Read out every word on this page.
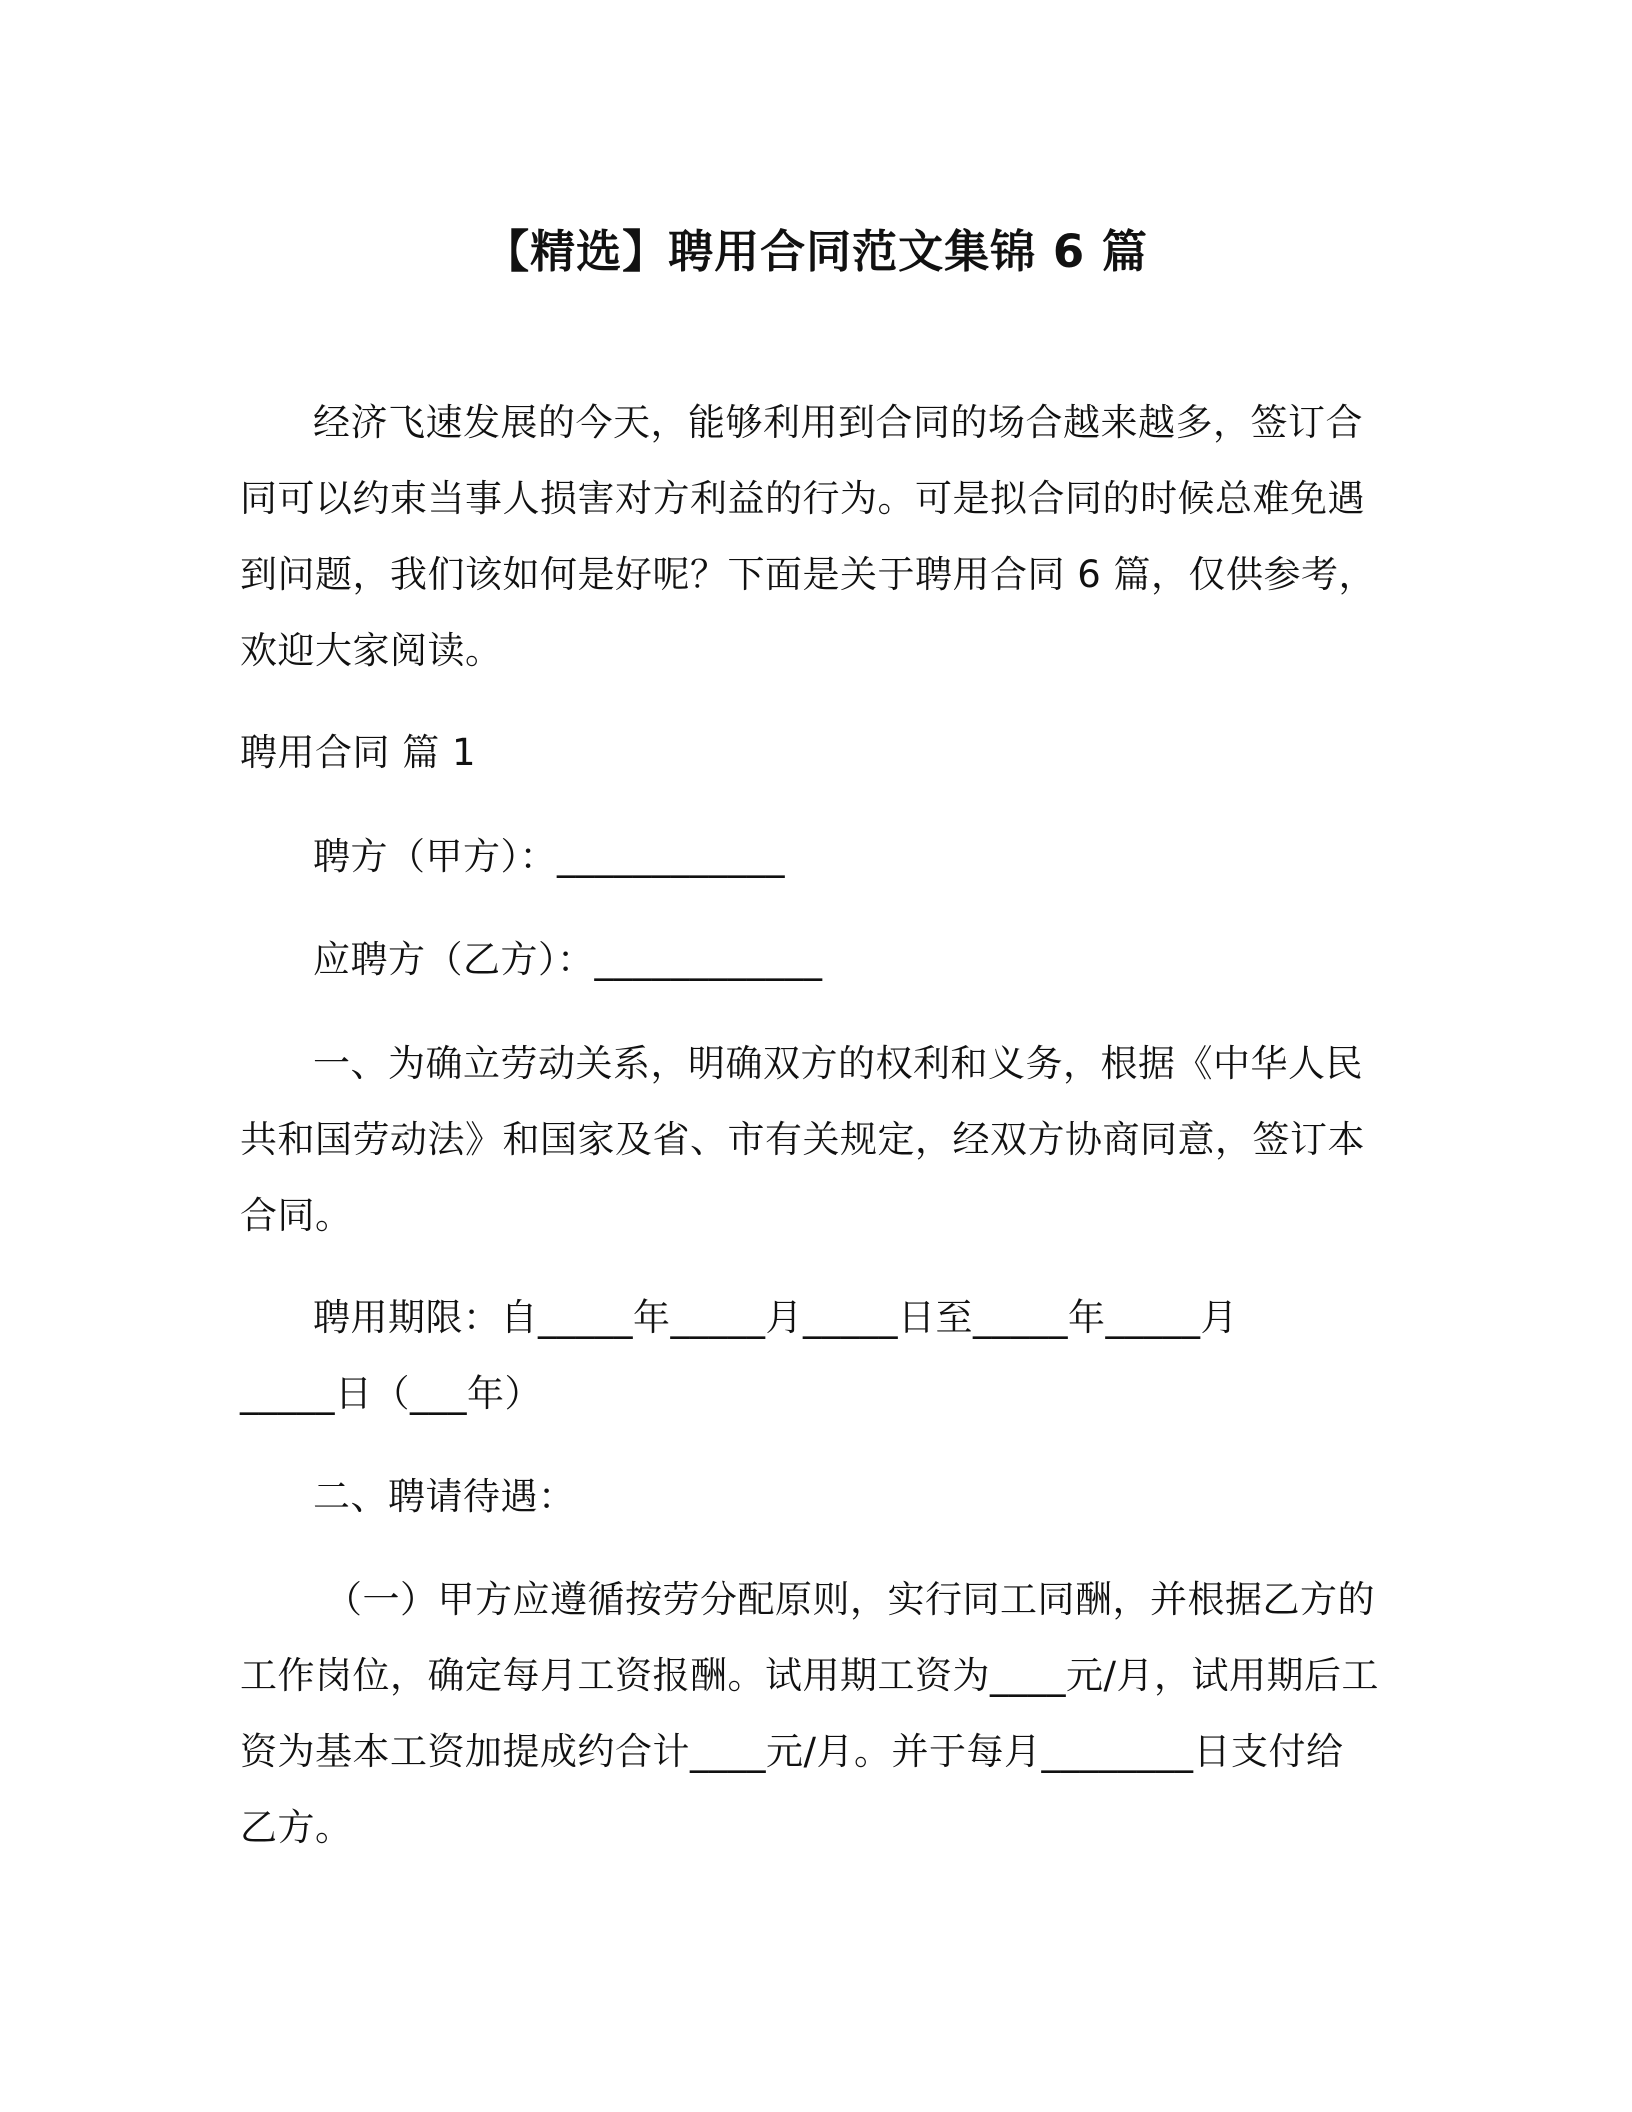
【精选】聘用合同范文集锦 6 篇
经济飞速发展的今天，能够利用到合同的场合越来越多，签订合
同可以约束当事人损害对方利益的行为。可是拟合同的时候总难免遇
到问题，我们该如何是好呢？下面是关于聘用合同 6 篇，仅供参考，
欢迎大家阅读。
聘用合同 篇 1
聘方（甲方）：____________
应聘方（乙方）：____________
一、为确立劳动关系，明确双方的权利和义务，根据《中华人民
共和国劳动法》和国家及省、市有关规定，经双方协商同意，签订本
合同。
聘用期限：自_____年_____月_____日至_____年_____月
_____日（___年）
二、聘请待遇：
（一）甲方应遵循按劳分配原则，实行同工同酬，并根据乙方的
工作岗位，确定每月工资报酬。试用期工资为____元/月，试用期后工
资为基本工资加提成约合计____元/月。并于每月________日支付给
乙方。
